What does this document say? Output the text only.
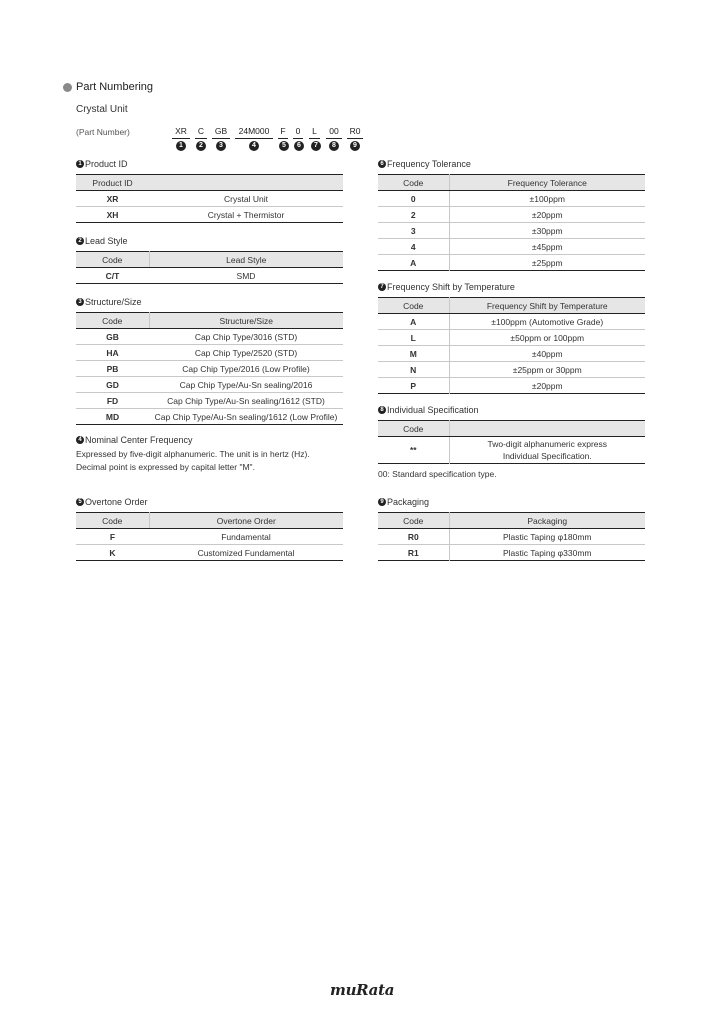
Part Numbering
Crystal Unit
(Part Number)	XR	C	GB	24M000	F	0	L	00	R0
1	2	3	4	5	6	7	8	9
1 Product ID
Product ID	
XR	Crystal Unit
XH	Crystal + Thermistor
2 Lead Style
Code	Lead Style
C/T	SMD
3 Structure/Size
Code	Structure/Size
GB	Cap Chip Type/3016 (STD)
HA	Cap Chip Type/2520 (STD)
PB	Cap Chip Type/2016 (Low Profile)
GD	Cap Chip Type/Au-Sn sealing/2016
FD	Cap Chip Type/Au-Sn sealing/1612 (STD)
MD	Cap Chip Type/Au-Sn sealing/1612 (Low Profile)
4 Nominal Center Frequency
Expressed by five-digit alphanumeric. The unit is in hertz (Hz).
Decimal point is expressed by capital letter "M".
5 Overtone Order
Code	Overtone Order
F	Fundamental
K	Customized Fundamental
6 Frequency Tolerance
Code	Frequency Tolerance
0	±100ppm
2	±20ppm
3	±30ppm
4	±45ppm
A	±25ppm
7 Frequency Shift by Temperature
Code	Frequency Shift by Temperature
A	±100ppm (Automotive Grade)
L	±50ppm or 100ppm
M	±40ppm
N	±25ppm or 30ppm
P	±20ppm
8 Individual Specification
Code	
**	Two-digit alphanumeric express
Individual Specification.
00: Standard specification type.
9 Packaging
Code	Packaging
R0	Plastic Taping φ180mm
R1	Plastic Taping φ330mm
muRata
